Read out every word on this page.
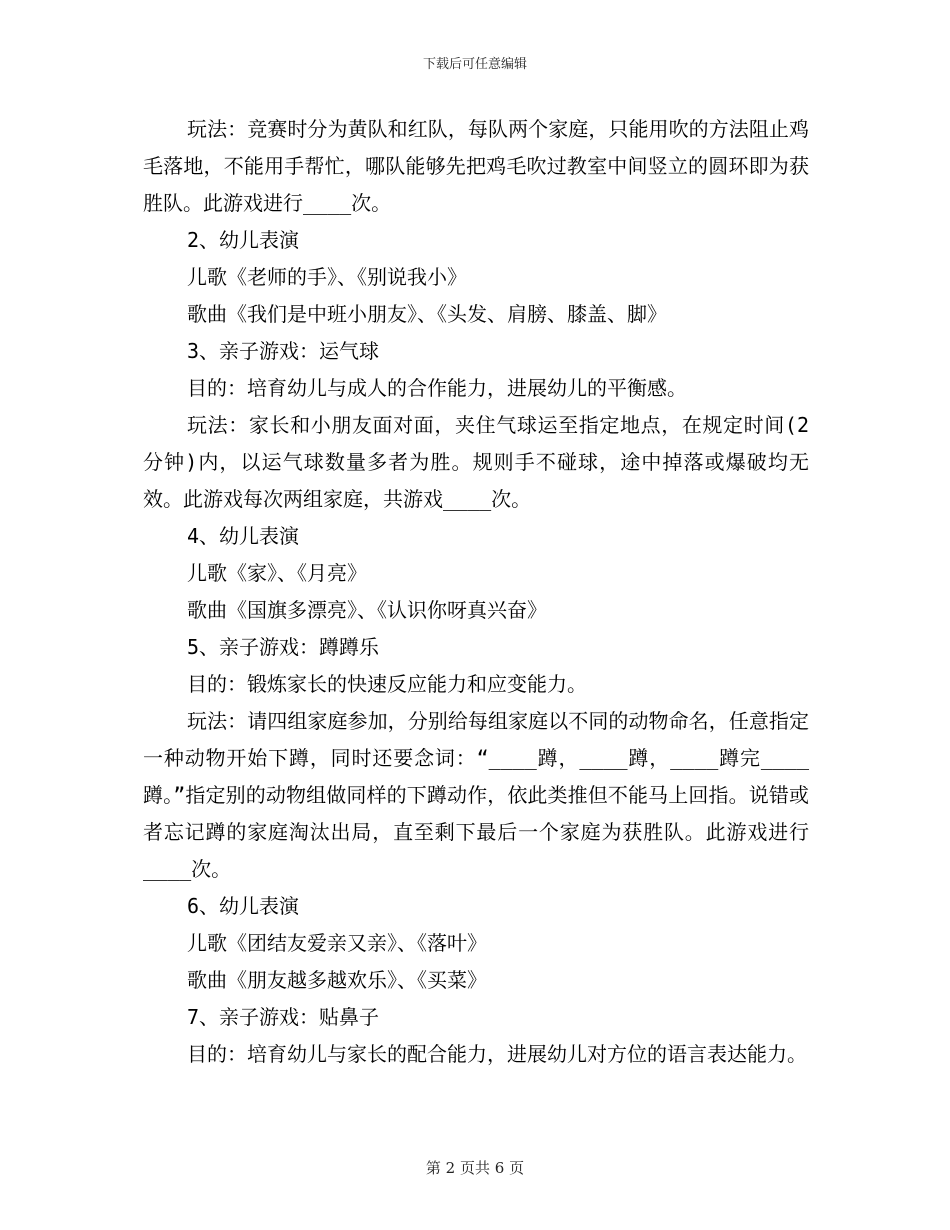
下载后可任意编辑

玩法：竞赛时分为黄队和红队，每队两个家庭，只能用吹的方法阻止鸡毛落地，不能用手帮忙，哪队能够先把鸡毛吹过教室中间竖立的圆环即为获胜队。此游戏进行____次。

2、幼儿表演

儿歌《老师的手》、《别说我小》

歌曲《我们是中班小朋友》、《头发、肩膀、膝盖、脚》

3、亲子游戏：运气球

目的：培育幼儿与成人的合作能力，进展幼儿的平衡感。

玩法：家长和小朋友面对面，夹住气球运至指定地点，在规定时间(2分钟)内，以运气球数量多者为胜。规则手不碰球，途中掉落或爆破均无效。此游戏每次两组家庭，共游戏____次。

4、幼儿表演

儿歌《家》、《月亮》

歌曲《国旗多漂亮》、《认识你呀真兴奋》

5、亲子游戏：蹲蹲乐

目的：锻炼家长的快速反应能力和应变能力。

玩法：请四组家庭参加，分别给每组家庭以不同的动物命名，任意指定一种动物开始下蹲，同时还要念词：“____蹲，____蹲，____蹲完____蹲。”指定别的动物组做同样的下蹲动作，依此类推但不能马上回指。说错或者忘记蹲的家庭淘汰出局，直至剩下最后一个家庭为获胜队。此游戏进行____次。

6、幼儿表演

儿歌《团结友爱亲又亲》、《落叶》

歌曲《朋友越多越欢乐》、《买菜》

7、亲子游戏：贴鼻子

目的：培育幼儿与家长的配合能力，进展幼儿对方位的语言表达能力。

第 2 页共 6 页
